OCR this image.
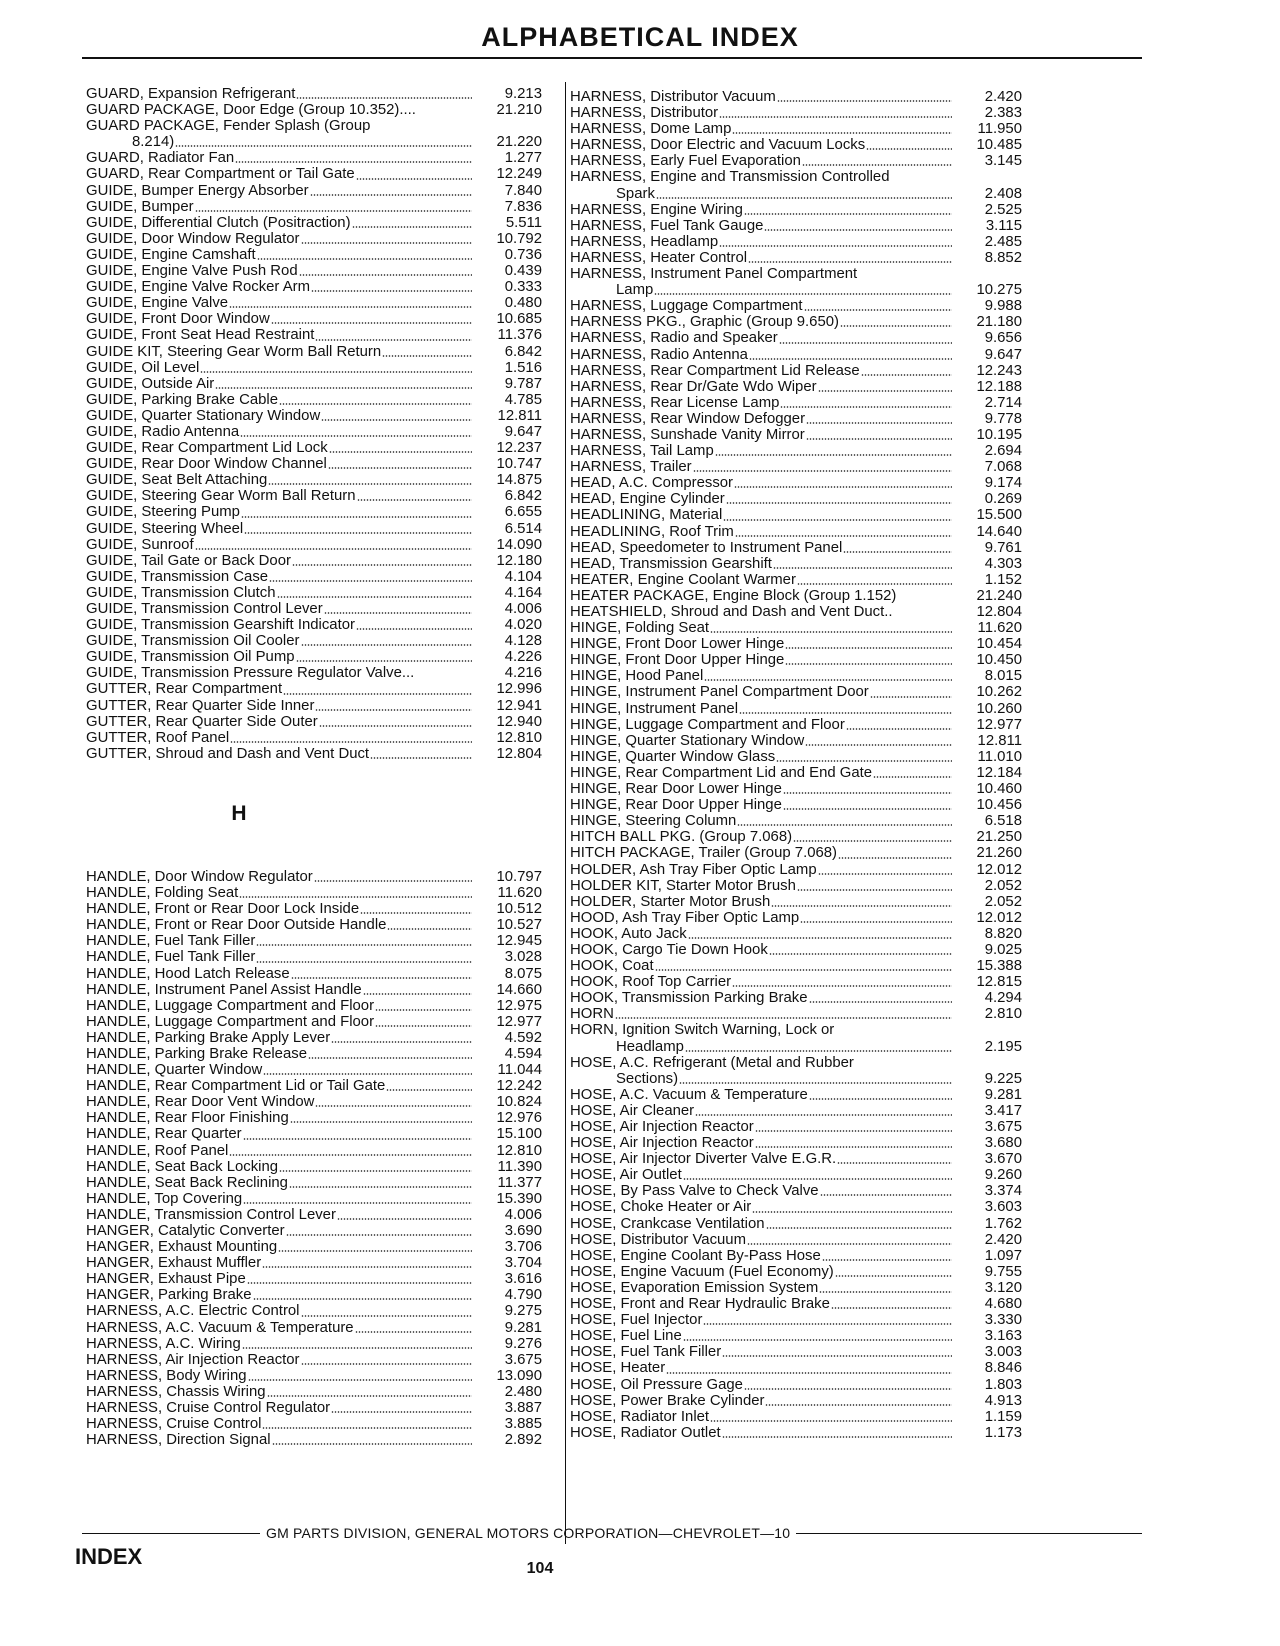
ALPHABETICAL INDEX
GUARD, Expansion Refrigerant	9.213
GUARD PACKAGE, Door Edge (Group 10.352)....	21.210
GUARD PACKAGE, Fender Splash (Group
8.214)	21.220
GUARD, Radiator Fan	1.277
GUARD, Rear Compartment or Tail Gate	12.249
GUIDE, Bumper Energy Absorber	7.840
GUIDE, Bumper	7.836
GUIDE, Differential Clutch (Positraction)	5.511
GUIDE, Door Window Regulator	10.792
GUIDE, Engine Camshaft	0.736
GUIDE, Engine Valve Push Rod	0.439
GUIDE, Engine Valve Rocker Arm	0.333
GUIDE, Engine Valve	0.480
GUIDE, Front Door Window	10.685
GUIDE, Front Seat Head Restraint	11.376
GUIDE KIT, Steering Gear Worm Ball Return	6.842
GUIDE, Oil Level	1.516
GUIDE, Outside Air	9.787
GUIDE, Parking Brake Cable	4.785
GUIDE, Quarter Stationary Window	12.811
GUIDE, Radio Antenna	9.647
GUIDE, Rear Compartment Lid Lock	12.237
GUIDE, Rear Door Window Channel	10.747
GUIDE, Seat Belt Attaching	14.875
GUIDE, Steering Gear Worm Ball Return	6.842
GUIDE, Steering Pump	6.655
GUIDE, Steering Wheel	6.514
GUIDE, Sunroof	14.090
GUIDE, Tail Gate or Back Door	12.180
GUIDE, Transmission Case	4.104
GUIDE, Transmission Clutch	4.164
GUIDE, Transmission Control Lever	4.006
GUIDE, Transmission Gearshift Indicator	4.020
GUIDE, Transmission Oil Cooler	4.128
GUIDE, Transmission Oil Pump	4.226
GUIDE, Transmission Pressure Regulator Valve...	4.216
GUTTER, Rear Compartment	12.996
GUTTER, Rear Quarter Side Inner	12.941
GUTTER, Rear Quarter Side Outer	12.940
GUTTER, Roof Panel	12.810
GUTTER, Shroud and Dash and Vent Duct	12.804
H
HANDLE, Door Window Regulator	10.797
HANDLE, Folding Seat	11.620
HANDLE, Front or Rear Door Lock Inside	10.512
HANDLE, Front or Rear Door Outside Handle	10.527
HANDLE, Fuel Tank Filler	12.945
HANDLE, Fuel Tank Filler	3.028
HANDLE, Hood Latch Release	8.075
HANDLE, Instrument Panel Assist Handle	14.660
HANDLE, Luggage Compartment and Floor	12.975
HANDLE, Luggage Compartment and Floor	12.977
HANDLE, Parking Brake Apply Lever	4.592
HANDLE, Parking Brake Release	4.594
HANDLE, Quarter Window	11.044
HANDLE, Rear Compartment Lid or Tail Gate	12.242
HANDLE, Rear Door Vent Window	10.824
HANDLE, Rear Floor Finishing	12.976
HANDLE, Rear Quarter	15.100
HANDLE, Roof Panel	12.810
HANDLE, Seat Back Locking	11.390
HANDLE, Seat Back Reclining	11.377
HANDLE, Top Covering	15.390
HANDLE, Transmission Control Lever	4.006
HANGER, Catalytic Converter	3.690
HANGER, Exhaust Mounting	3.706
HANGER, Exhaust Muffler	3.704
HANGER, Exhaust Pipe	3.616
HANGER, Parking Brake	4.790
HARNESS, A.C. Electric Control	9.275
HARNESS, A.C. Vacuum & Temperature	9.281
HARNESS, A.C. Wiring	9.276
HARNESS, Air Injection Reactor	3.675
HARNESS, Body Wiring	13.090
HARNESS, Chassis Wiring	2.480
HARNESS, Cruise Control Regulator	3.887
HARNESS, Cruise Control	3.885
HARNESS, Direction Signal	2.892
HARNESS, Distributor Vacuum	2.420
HARNESS, Distributor	2.383
HARNESS, Dome Lamp	11.950
HARNESS, Door Electric and Vacuum Locks	10.485
HARNESS, Early Fuel Evaporation	3.145
HARNESS, Engine and Transmission Controlled
Spark	2.408
HARNESS, Engine Wiring	2.525
HARNESS, Fuel Tank Gauge	3.115
HARNESS, Headlamp	2.485
HARNESS, Heater Control	8.852
HARNESS, Instrument Panel Compartment
Lamp	10.275
HARNESS, Luggage Compartment	9.988
HARNESS PKG., Graphic (Group 9.650)	21.180
HARNESS, Radio and Speaker	9.656
HARNESS, Radio Antenna	9.647
HARNESS, Rear Compartment Lid Release	12.243
HARNESS, Rear Dr/Gate Wdo Wiper	12.188
HARNESS, Rear License Lamp	2.714
HARNESS, Rear Window Defogger	9.778
HARNESS, Sunshade Vanity Mirror	10.195
HARNESS, Tail Lamp	2.694
HARNESS, Trailer	7.068
HEAD, A.C. Compressor	9.174
HEAD, Engine Cylinder	0.269
HEADLINING, Material	15.500
HEADLINING, Roof Trim	14.640
HEAD, Speedometer to Instrument Panel	9.761
HEAD, Transmission Gearshift	4.303
HEATER, Engine Coolant Warmer	1.152
HEATER PACKAGE, Engine Block (Group 1.152)	21.240
HEATSHIELD, Shroud and Dash and Vent Duct..	12.804
HINGE, Folding Seat	11.620
HINGE, Front Door Lower Hinge	10.454
HINGE, Front Door Upper Hinge	10.450
HINGE, Hood Panel	8.015
HINGE, Instrument Panel Compartment Door	10.262
HINGE, Instrument Panel	10.260
HINGE, Luggage Compartment and Floor	12.977
HINGE, Quarter Stationary Window	12.811
HINGE, Quarter Window Glass	11.010
HINGE, Rear Compartment Lid and End Gate	12.184
HINGE, Rear Door Lower Hinge	10.460
HINGE, Rear Door Upper Hinge	10.456
HINGE, Steering Column	6.518
HITCH BALL PKG. (Group 7.068)	21.250
HITCH PACKAGE, Trailer (Group 7.068)	21.260
HOLDER, Ash Tray Fiber Optic Lamp	12.012
HOLDER KIT, Starter Motor Brush	2.052
HOLDER, Starter Motor Brush	2.052
HOOD, Ash Tray Fiber Optic Lamp	12.012
HOOK, Auto Jack	8.820
HOOK, Cargo Tie Down Hook	9.025
HOOK, Coat	15.388
HOOK, Roof Top Carrier	12.815
HOOK, Transmission Parking Brake	4.294
HORN	2.810
HORN, Ignition Switch Warning, Lock or
Headlamp	2.195
HOSE, A.C. Refrigerant (Metal and Rubber
Sections)	9.225
HOSE, A.C. Vacuum & Temperature	9.281
HOSE, Air Cleaner	3.417
HOSE, Air Injection Reactor	3.675
HOSE, Air Injection Reactor	3.680
HOSE, Air Injector Diverter Valve E.G.R.	3.670
HOSE, Air Outlet	9.260
HOSE, By Pass Valve to Check Valve	3.374
HOSE, Choke Heater or Air	3.603
HOSE, Crankcase Ventilation	1.762
HOSE, Distributor Vacuum	2.420
HOSE, Engine Coolant By-Pass Hose	1.097
HOSE, Engine Vacuum (Fuel Economy)	9.755
HOSE, Evaporation Emission System	3.120
HOSE, Front and Rear Hydraulic Brake	4.680
HOSE, Fuel Injector	3.330
HOSE, Fuel Line	3.163
HOSE, Fuel Tank Filler	3.003
HOSE, Heater	8.846
HOSE, Oil Pressure Gage	1.803
HOSE, Power Brake Cylinder	4.913
HOSE, Radiator Inlet	1.159
HOSE, Radiator Outlet	1.173
GM PARTS DIVISION, GENERAL MOTORS CORPORATION—CHEVROLET—10
INDEX	104
